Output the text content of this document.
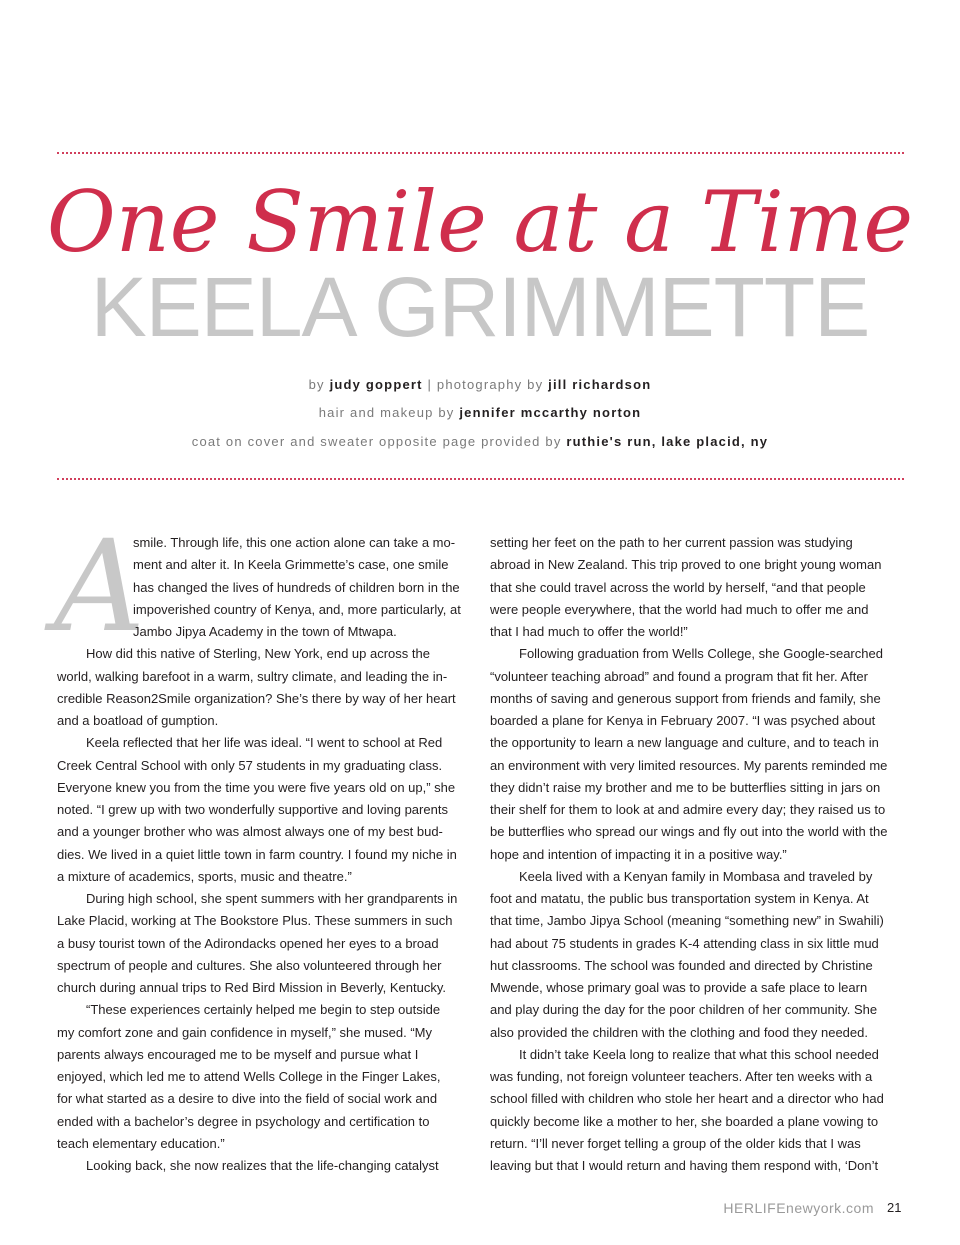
One Smile at a Time
KEELA GRIMMETTE
by judy goppert | photography by jill richardson
hair and makeup by jennifer mccarthy norton
coat on cover and sweater opposite page provided by ruthie's run, lake placid, ny
A

smile. Through life, this one action alone can take a mo-

ment and alter it. In Keela Grimmette’s case, one smile

has changed the lives of hundreds of children born in the

impoverished country of Kenya, and, more particularly, at

Jambo Jipya Academy in the town of Mtwapa.

How did this native of Sterling, New York, end up across the

world, walking barefoot in a warm, sultry climate, and leading the in-

credible Reason2Smile organization? She’s there by way of her heart

and a boatload of gumption.

Keela reflected that her life was ideal. “I went to school at Red

Creek Central School with only 57 students in my graduating class.

Everyone knew you from the time you were five years old on up,” she

noted. “I grew up with two wonderfully supportive and loving parents

and a younger brother who was almost always one of my best bud-

dies. We lived in a quiet little town in farm country. I found my niche in

a mixture of academics, sports, music and theatre.”

During high school, she spent summers with her grandparents in

Lake Placid, working at The Bookstore Plus. These summers in such

a busy tourist town of the Adirondacks opened her eyes to a broad

spectrum of people and cultures. She also volunteered through her

church during annual trips to Red Bird Mission in Beverly, Kentucky.

“These experiences certainly helped me begin to step outside

my comfort zone and gain confidence in myself,” she mused. “My

parents always encouraged me to be myself and pursue what I

enjoyed, which led me to attend Wells College in the Finger Lakes,

for what started as a desire to dive into the field of social work and

ended with a bachelor’s degree in psychology and certification to

teach elementary education.”

Looking back, she now realizes that the life-changing catalyst

setting her feet on the path to her current passion was studying

abroad in New Zealand. This trip proved to one bright young woman

that she could travel across the world by herself, “and that people

were people everywhere, that the world had much to offer me and

that I had much to offer the world!”

Following graduation from Wells College, she Google-searched

“volunteer teaching abroad” and found a program that fit her. After

months of saving and generous support from friends and family, she

boarded a plane for Kenya in February 2007. “I was psyched about

the opportunity to learn a new language and culture, and to teach in

an environment with very limited resources. My parents reminded me

they didn’t raise my brother and me to be butterflies sitting in jars on

their shelf for them to look at and admire every day; they raised us to

be butterflies who spread our wings and fly out into the world with the

hope and intention of impacting it in a positive way.”

Keela lived with a Kenyan family in Mombasa and traveled by

foot and matatu, the public bus transportation system in Kenya. At

that time, Jambo Jipya School (meaning “something new” in Swahili)

had about 75 students in grades K-4 attending class in six little mud

hut classrooms. The school was founded and directed by Christine

Mwende, whose primary goal was to provide a safe place to learn

and play during the day for the poor children of her community. She

also provided the children with the clothing and food they needed.

It didn’t take Keela long to realize that what this school needed

was funding, not foreign volunteer teachers. After ten weeks with a

school filled with children who stole her heart and a director who had

quickly become like a mother to her, she boarded a plane vowing to

return. “I’ll never forget telling a group of the older kids that I was

leaving but that I would return and having them respond with, ‘Don’t

HERLIFEnewyork.com 21
